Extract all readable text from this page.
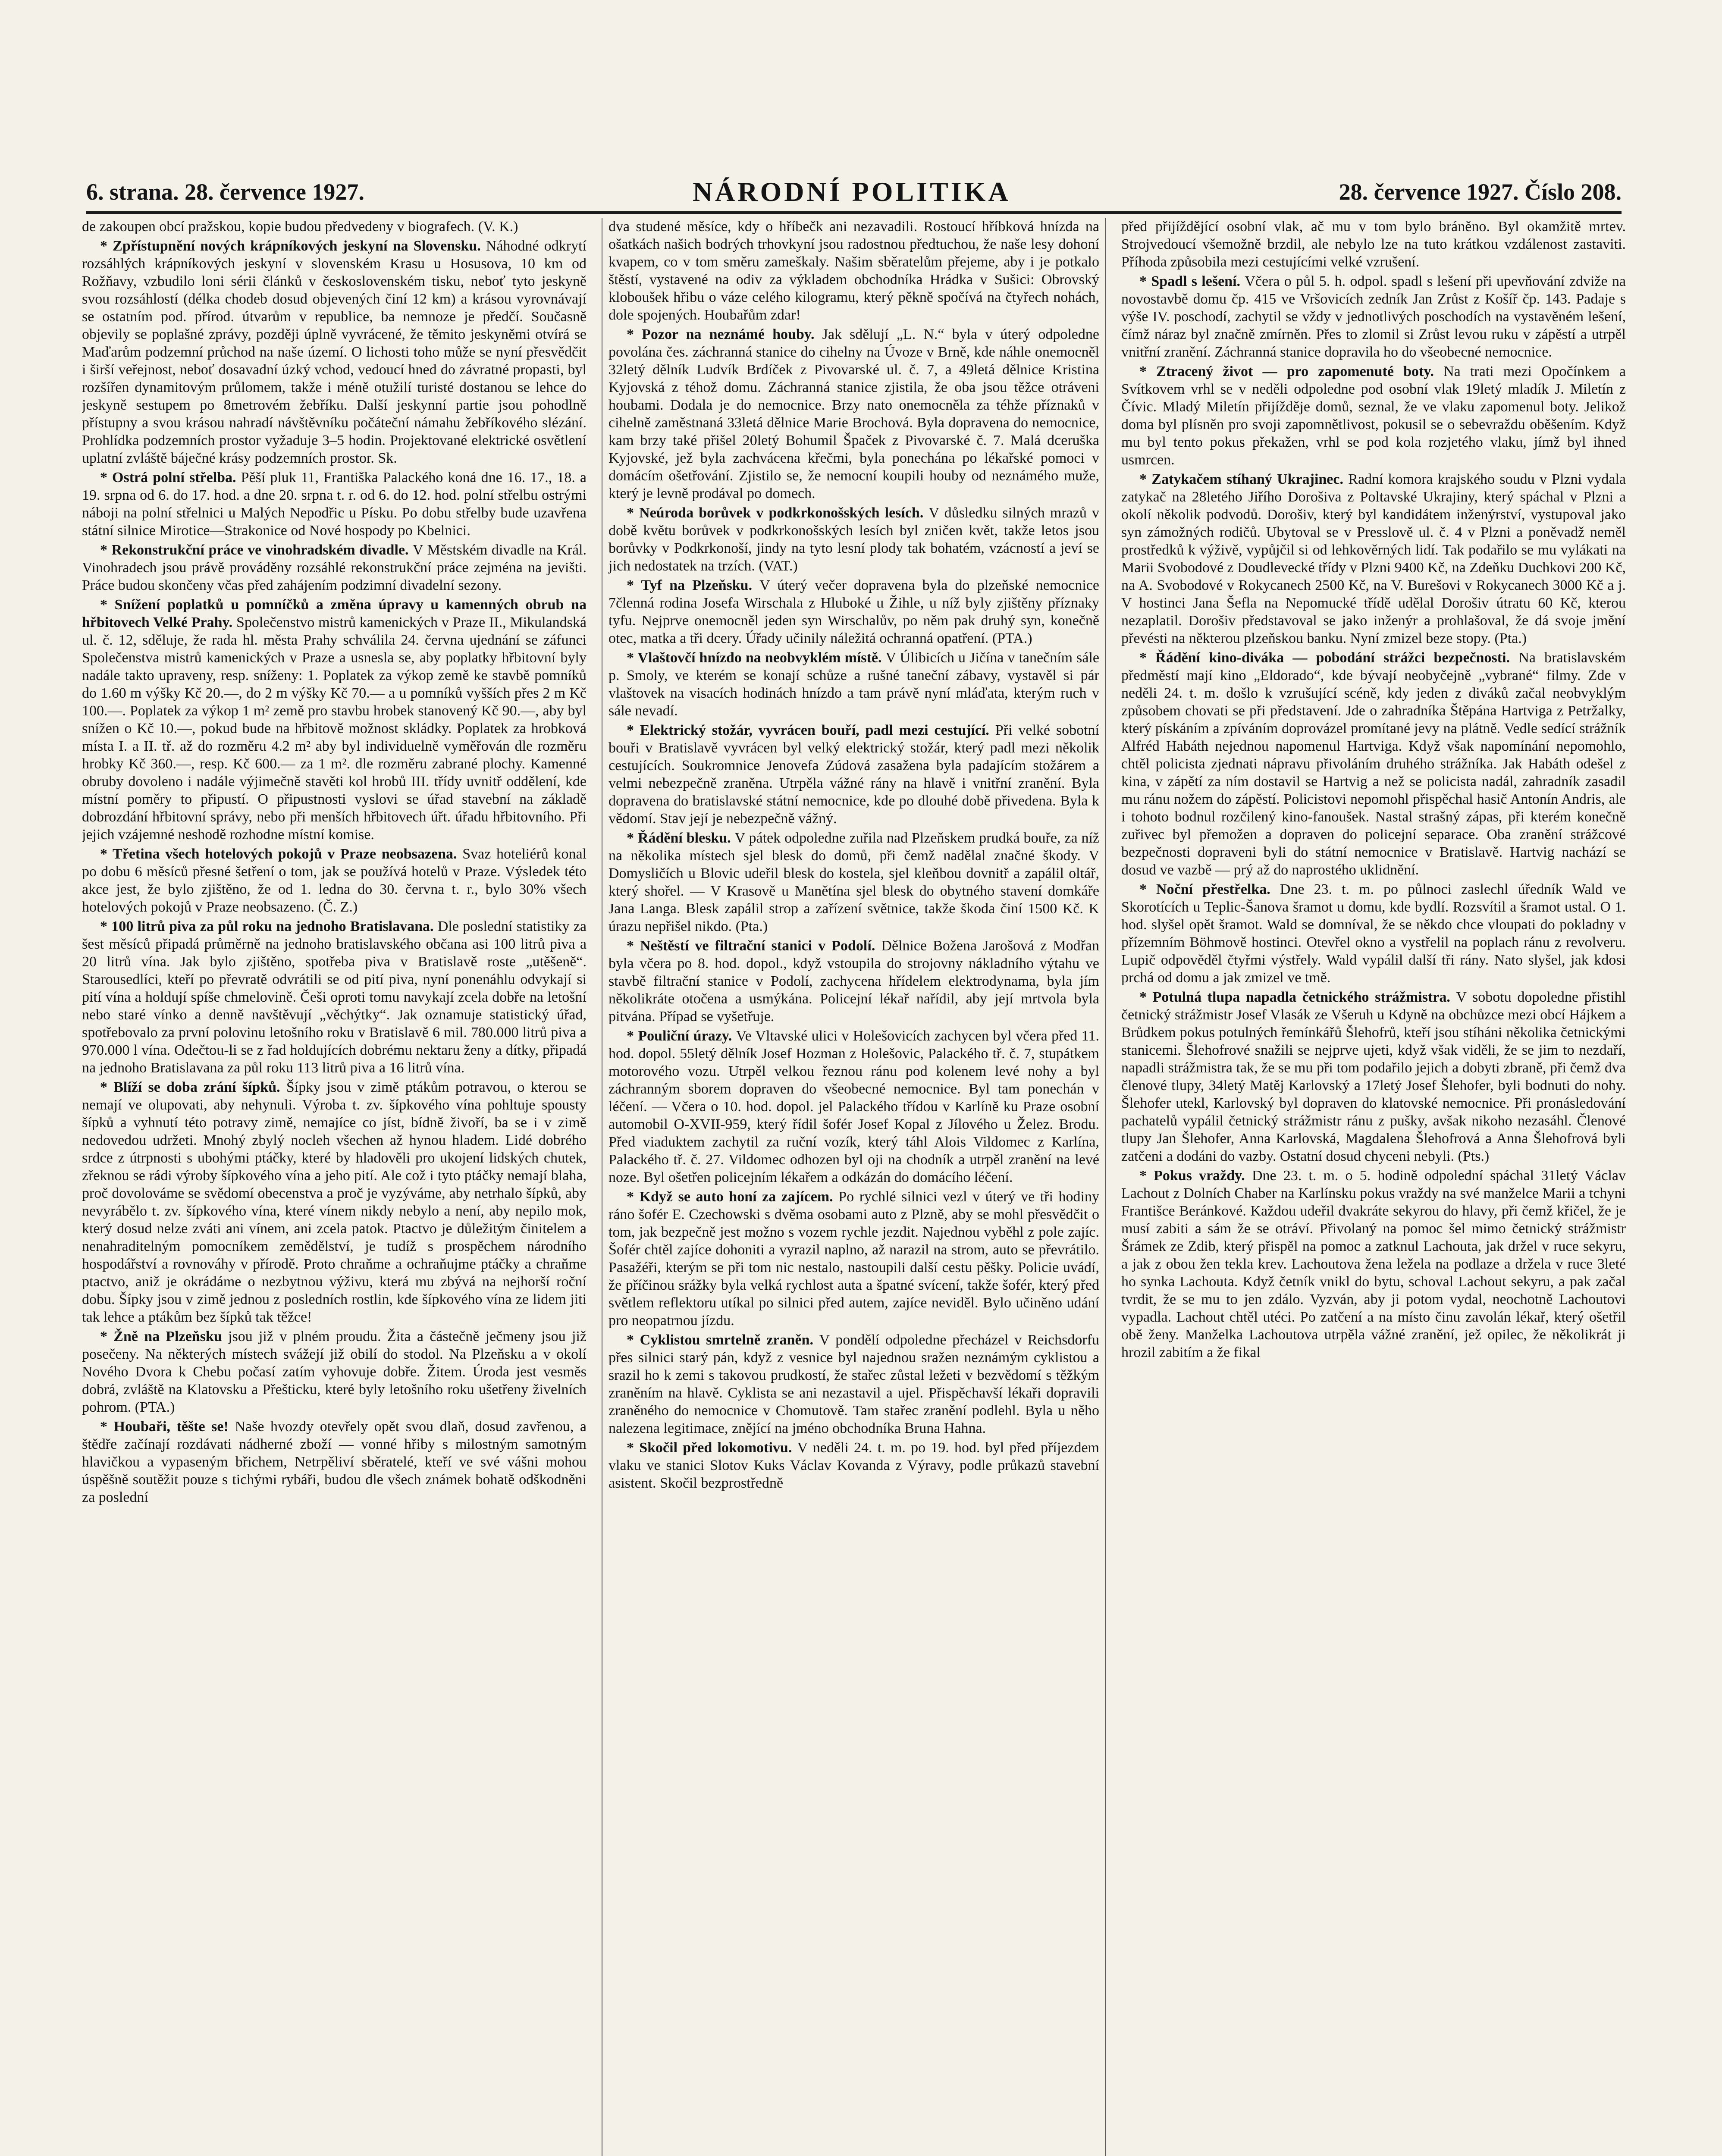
6. strana. 28. července 1927.	NÁRODNÍ POLITIKA	28. července 1927. Číslo 208.

de zakoupen obcí pražskou, kopie budou předvedeny v biografech. (V. K.)

* Zpřístupnění nových krápníkových jeskyní na Slovensku. Náhodné odkrytí rozsáhlých krápníkových jeskyní v slovenském Krasu u Hosusova, 10 km od Rožňavy, vzbudilo loni sérii článků v československém tisku, neboť tyto jeskyně svou rozsáhlostí (délka chodeb dosud objevených činí 12 km) a krásou vyrovnávají se ostatním pod. přírod. útvarům v republice, ba nemnoze je předčí. Současně objevily se poplašné zprávy, později úplně vyvrácené, že těmito jeskyněmi otvírá se Maďarům podzemní průchod na naše území. O lichosti toho může se nyní přesvědčit i širší veřejnost, neboť dosavadní úzký vchod, vedoucí hned do závratné propasti, byl rozšířen dynamitovým průlomem, takže i méně otužilí turisté dostanou se lehce do jeskyně sestupem po 8metrovém žebříku. Další jeskynní partie jsou pohodlně přístupny a svou krásou nahradí návštěvníku počáteční námahu žebříkového slézání. Prohlídka podzemních prostor vyžaduje 3–5 hodin. Projektované elektrické osvětlení uplatní zvláště báječné krásy podzemních prostor. Sk.

* Ostrá polní střelba. Pěší pluk 11, Františka Palackého koná dne 16. 17., 18. a 19. srpna od 6. do 17. hod. a dne 20. srpna t. r. od 6. do 12. hod. polní střelbu ostrými náboji na polní střelnici u Malých Nepodřic u Písku. Po dobu střelby bude uzavřena státní silnice Mirotice—Strakonice od Nové hospody po Kbelnici.

* Rekonstrukční práce ve vinohradském divadle. V Městském divadle na Král. Vinohradech jsou právě prováděny rozsáhlé rekonstrukční práce zejména na jevišti. Práce budou skončeny včas před zahájením podzimní divadelní sezony.

* Snížení poplatků u pomníčků a změna úpravy u kamenných obrub na hřbitovech Velké Prahy. Společenstvo mistrů kamenických v Praze II., Mikulandská ul. č. 12, sděluje, že rada hl. města Prahy schválila 24. června ujednání se záfunci Společenstva mistrů kamenických v Praze a usnesla se, aby poplatky hřbitovní byly nadále takto upraveny, resp. sníženy: 1. Poplatek za výkop země ke stavbě pomníků do 1.60 m výšky Kč 20.—, do 2 m výšky Kč 70.— a u pomníků vyšších přes 2 m Kč 100.—. Poplatek za výkop 1 m² země pro stavbu hrobek stanovený Kč 90.—, aby byl snížen o Kč 10.—, pokud bude na hřbitově možnost skládky. Poplatek za hrobková místa I. a II. tř. až do rozměru 4.2 m² aby byl individuelně vyměřován dle rozměru hrobky Kč 360.—, resp. Kč 600.— za 1 m². dle rozměru zabrané plochy. Kamenné obruby dovoleno i nadále výjimečně stavěti kol hrobů III. třídy uvnitř oddělení, kde místní poměry to připustí. O připustnosti vyslovi se úřad stavební na základě dobrozdání hřbitovní správy, nebo při menších hřbitovech úřt. úřadu hřbitovního. Při jejich vzájemné neshodě rozhodne místní komise.

* Třetina všech hotelových pokojů v Praze neobsazena. Svaz hoteliérů konal po dobu 6 měsíců přesné šetření o tom, jak se používá hotelů v Praze. Výsledek této akce jest, že bylo zjištěno, že od 1. ledna do 30. června t. r., bylo 30% všech hotelových pokojů v Praze neobsazeno. (Č. Z.)

* 100 litrů piva za půl roku na jednoho Bratislavana. Dle poslední statistiky za šest měsíců připadá průměrně na jednoho bratislavského občana asi 100 litrů piva a 20 litrů vína. Jak bylo zjištěno, spotřeba piva v Bratislavě roste „utěšeně“. Starousedlíci, kteří po převratě odvrátili se od pití piva, nyní ponenáhlu odvykají si pití vína a holdují spíše chmelovině. Češi oproti tomu navykají zcela dobře na letošní nebo staré vínko a denně navštěvují „věchýtky“. Jak oznamuje statistický úřad, spotřebovalo za první polovinu letošního roku v Bratislavě 6 mil. 780.000 litrů piva a 970.000 l vína. Odečtou-li se z řad holdujících dobrému nektaru ženy a dítky, připadá na jednoho Bratislavana za půl roku 113 litrů piva a 16 litrů vína.

* Blíží se doba zrání šípků. Šípky jsou v zimě ptákům potravou, o kterou se nemají ve olupovati, aby nehynuli. Výroba t. zv. šípkového vína pohltuje spousty šípků a vyhnutí této potravy zimě, nemajíce co jíst, bídně živoří, ba se i v zimě nedovedou udržeti. Mnohý zbylý nocleh všechen až hynou hladem. Lidé dobrého srdce z útrpnosti s ubohými ptáčky, které by hladověli pro ukojení lidských chutek, zřeknou se rádi výroby šípkového vína a jeho pití. Ale což i tyto ptáčky nemají blaha, proč dovolováme se svědomí obecenstva a proč je vyzýváme, aby netrhalo šípků, aby nevyrábělo t. zv. šípkového vína, které vínem nikdy nebylo a není, aby nepilo mok, který dosud nelze zváti ani vínem, ani zcela patok. Ptactvo je důležitým činitelem a nenahraditelným pomocníkem zemědělství, je tudíž s prospěchem národního hospodářství a rovnováhy v přírodě. Proto chraňme a ochraňujme ptáčky a chraňme ptactvo, aniž je okrádáme o nezbytnou výživu, která mu zbývá na nejhorší roční dobu. Šípky jsou v zimě jednou z posledních rostlin, kde šípkového vína ze lidem jiti tak lehce a ptákům bez šípků tak těžce!

* Žně na Plzeňsku jsou již v plném proudu. Žita a částečně ječmeny jsou již posečeny. Na některých místech svážejí již obilí do stodol. Na Plzeňsku a v okolí Nového Dvora k Chebu počasí zatím vyhovuje dobře. Žitem. Úroda jest vesměs dobrá, zvláště na Klatovsku a Přešticku, které byly letošního roku ušetřeny živelních pohrom. (PTA.)

* Houbaři, těšte se! Naše hvozdy otevřely opět svou dlaň, dosud zavřenou, a štědře začínají rozdávati nádherné zboží — vonné hřiby s milostným samotným hlavičkou a vypaseným břichem, Netrpěliví sběratelé, kteří ve své vášni mohou úspěšně soutěžit pouze s tichými rybáři, budou dle všech známek bohatě odškodněni za poslední

dva studené měsíce, kdy o hříbečk ani nezavadili. Rostoucí hříbková hnízda na ošatkách našich bodrých trhovkyní jsou radostnou předtuchou, že naše lesy dohoní kvapem, co v tom směru zameškaly. Našim sběratelům přejeme, aby i je potkalo štěstí, vystavené na odiv za výkladem obchodníka Hrádka v Sušici: Obrovský kloboušek hřibu o váze celého kilogramu, který pěkně spočívá na čtyřech nohách, dole spojených. Houbařům zdar!

* Pozor na neznámé houby. Jak sdělují „L. N.“ byla v úterý odpoledne povolána čes. záchranná stanice do cihelny na Úvoze v Brně, kde náhle onemocněl 32letý dělník Ludvík Brdíček z Pivovarské ul. č. 7, a 49letá dělnice Kristina Kyjovská z téhož domu. Záchranná stanice zjistila, že oba jsou těžce otráveni houbami. Dodala je do nemocnice. Brzy nato onemocněla za téhže příznaků v cihelně zaměstnaná 33letá dělnice Marie Brochová. Byla dopravena do nemocnice, kam brzy také přišel 20letý Bohumil Špaček z Pivovarské č. 7. Malá dceruška Kyjovské, jež byla zachvácena křečmi, byla ponechána po lékařské pomoci v domácím ošetřování. Zjistilo se, že nemocní koupili houby od neznámého muže, který je levně prodával po domech.

* Neúroda borůvek v podkrkonošských lesích. V důsledku silných mrazů v době květu borůvek v podkrkonošských lesích byl zničen květ, takže letos jsou borůvky v Podkrkonoší, jindy na tyto lesní plody tak bohatém, vzácností a jeví se jich nedostatek na trzích. (VAT.)

* Tyf na Plzeňsku. V úterý večer dopravena byla do plzeňské nemocnice 7členná rodina Josefa Wirschala z Hluboké u Žihle, u níž byly zjištěny příznaky tyfu. Nejprve onemocněl jeden syn Wirschalův, po něm pak druhý syn, konečně otec, matka a tři dcery. Úřady učinily náležitá ochranná opatření. (PTA.)

* Vlaštovčí hnízdo na neobvyklém místě. V Úlibicích u Jičína v tanečním sále p. Smoly, ve kterém se konají schůze a rušné taneční zábavy, vystavěl si pár vlaštovek na visacích hodinách hnízdo a tam právě nyní mláďata, kterým ruch v sále nevadí.

* Elektrický stožár, vyvrácen bouří, padl mezi cestující. Při velké sobotní bouři v Bratislavě vyvrácen byl velký elektrický stožár, který padl mezi několik cestujících. Soukromnice Jenovefa Zúdová zasažena byla padajícím stožárem a velmi nebezpečně zraněna. Utrpěla vážné rány na hlavě i vnitřní zranění. Byla dopravena do bratislavské státní nemocnice, kde po dlouhé době přivedena. Byla k vědomí. Stav její je nebezpečně vážný.

* Řádění blesku. V pátek odpoledne zuřila nad Plzeňskem prudká bouře, za níž na několika místech sjel blesk do domů, při čemž nadělal značné škody. V Domysličích u Blovic udeřil blesk do kostela, sjel kleňbou dovnitř a zapálil oltář, který shořel. — V Krasově u Manětína sjel blesk do obytného stavení domkáře Jana Langa. Blesk zapálil strop a zařízení světnice, takže škoda činí 1500 Kč. K úrazu nepřišel nikdo. (Pta.)

* Neštěstí ve filtrační stanici v Podolí. Dělnice Božena Jarošová z Modřan byla včera po 8. hod. dopol., když vstoupila do strojovny nákladního výtahu ve stavbě filtrační stanice v Podolí, zachycena hřídelem elektrodynama, byla jím několikráte otočena a usmýkána. Policejní lékař nařídil, aby její mrtvola byla pitvána. Případ se vyšetřuje.

* Pouliční úrazy. Ve Vltavské ulici v Holešovicích zachycen byl včera před 11. hod. dopol. 55letý dělník Josef Hozman z Holešovic, Palackého tř. č. 7, stupátkem motorového vozu. Utrpěl velkou řeznou ránu pod kolenem levé nohy a byl záchranným sborem dopraven do všeobecné nemocnice. Byl tam ponechán v léčení. — Včera o 10. hod. dopol. jel Palackého třídou v Karlíně ku Praze osobní automobil O-XVII-959, který řídil šofér Josef Kopal z Jílového u Želez. Brodu. Před viaduktem zachytil za ruční vozík, který táhl Alois Vildomec z Karlína, Palackého tř. č. 27. Vildomec odhozen byl oji na chodník a utrpěl zranění na levé noze. Byl ošetřen policejním lékařem a odkázán do domácího léčení.

* Když se auto honí za zajícem. Po rychlé silnici vezl v úterý ve tři hodiny ráno šofér E. Czechowski s dvěma osobami auto z Plzně, aby se mohl přesvědčit o tom, jak bezpečně jest možno s vozem rychle jezdit. Najednou vyběhl z pole zajíc. Šofér chtěl zajíce dohoniti a vyrazil naplno, až narazil na strom, auto se převrátilo. Pasažéři, kterým se při tom nic nestalo, nastoupili další cestu pěšky. Policie uvádí, že příčinou srážky byla velká rychlost auta a špatné svícení, takže šofér, který před světlem reflektoru utíkal po silnici před autem, zajíce neviděl. Bylo učiněno udání pro neopatrnou jízdu.

* Cyklistou smrtelně zraněn. V pondělí odpoledne přecházel v Reichsdorfu přes silnici starý pán, když z vesnice byl najednou sražen neznámým cyklistou a srazil ho k zemi s takovou prudkostí, že stařec zůstal ležeti v bezvědomí s těžkým zraněním na hlavě. Cyklista se ani nezastavil a ujel. Přispěchavší lékaři dopravili zraněného do nemocnice v Chomutově. Tam stařec zranění podlehl. Byla u něho nalezena legitimace, znějící na jméno obchodníka Bruna Hahna.

* Skočil před lokomotivu. V neděli 24. t. m. po 19. hod. byl před příjezdem vlaku ve stanici Slotov Kuks Václav Kovanda z Výravy, podle průkazů stavební asistent. Skočil bezprostředně

před přijíždějící osobní vlak, ač mu v tom bylo bráněno. Byl okamžitě mrtev. Strojvedoucí všemožně brzdil, ale nebylo lze na tuto krátkou vzdálenost zastaviti. Příhoda způsobila mezi cestujícími velké vzrušení.

* Spadl s lešení. Včera o půl 5. h. odpol. spadl s lešení při upevňování zdviže na novostavbě domu čp. 415 ve Vršovicích zedník Jan Zrůst z Košíř čp. 143. Padaje s výše IV. poschodí, zachytil se vždy v jednotlivých poschodích na vystavěném lešení, čímž náraz byl značně zmírněn. Přes to zlomil si Zrůst levou ruku v zápěstí a utrpěl vnitřní zranění. Záchranná stanice dopravila ho do všeobecné nemocnice.

* Ztracený život — pro zapomenuté boty. Na trati mezi Opočínkem a Svítkovem vrhl se v neděli odpoledne pod osobní vlak 19letý mladík J. Miletín z Čívic. Mladý Miletín přijížděje domů, seznal, že ve vlaku zapomenul boty. Jelikož doma byl plísněn pro svoji zapomnětlivost, pokusil se o sebevraždu oběšením. Když mu byl tento pokus překažen, vrhl se pod kola rozjetého vlaku, jímž byl ihned usmrcen.

* Zatykačem stíhaný Ukrajinec. Radní komora krajského soudu v Plzni vydala zatykač na 28letého Jiřího Dorošiva z Poltavské Ukrajiny, který spáchal v Plzni a okolí několik podvodů. Dorošiv, který byl kandidátem inženýrství, vystupoval jako syn zámožných rodičů. Ubytoval se v Presslově ul. č. 4 v Plzni a poněvadž neměl prostředků k výživě, vypůjčil si od lehkověrných lidí. Tak podařilo se mu vylákati na Marii Svobodové z Doudlevecké třídy v Plzni 9400 Kč, na Zdeňku Duchkovi 200 Kč, na A. Svobodové v Rokycanech 2500 Kč, na V. Burešovi v Rokycanech 3000 Kč a j. V hostinci Jana Šefla na Nepomucké třídě udělal Dorošiv útratu 60 Kč, kterou nezaplatil. Dorošiv představoval se jako inženýr a prohlašoval, že dá svoje jmění převésti na některou plzeňskou banku. Nyní zmizel beze stopy. (Pta.)

* Řádění kino-diváka — pobodání strážci bezpečnosti. Na bratislavském předměstí mají kino „Eldorado“, kde bývají neobyčejně „vybrané“ filmy. Zde v neděli 24. t. m. došlo k vzrušující scéně, kdy jeden z diváků začal neobvyklým způsobem chovati se při představení. Jde o zahradníka Štěpána Hartviga z Petržalky, který pískáním a zpíváním doprovázel promítané jevy na plátně. Vedle sedící strážník Alfréd Habáth nejednou napomenul Hartviga. Když však napomínání nepomohlo, chtěl policista zjednati nápravu přivoláním druhého strážníka. Jak Habáth odešel z kina, v zápětí za ním dostavil se Hartvig a než se policista nadál, zahradník zasadil mu ránu nožem do zápěstí. Policistovi nepomohl přispěchal hasič Antonín Andris, ale i tohoto bodnul rozčilený kino-fanoušek. Nastal strašný zápas, při kterém konečně zuřivec byl přemožen a dopraven do policejní separace. Oba zranění strážcové bezpečnosti dopraveni byli do státní nemocnice v Bratislavě. Hartvig nachází se dosud ve vazbě — prý až do naprostého uklidnění.

* Noční přestřelka. Dne 23. t. m. po půlnoci zaslechl úředník Wald ve Skorotících u Teplic-Šanova šramot u domu, kde bydlí. Rozsvítil a šramot ustal. O 1. hod. slyšel opět šramot. Wald se domníval, že se někdo chce vloupati do pokladny v přízemním Böhmově hostinci. Otevřel okno a vystřelil na poplach ránu z revolveru. Lupič odpověděl čtyřmi výstřely. Wald vypálil další tři rány. Nato slyšel, jak kdosi prchá od domu a jak zmizel ve tmě.

* Potulná tlupa napadla četnického strážmistra. V sobotu dopoledne přistihl četnický strážmistr Josef Vlasák ze Všeruh u Kdyně na obchůzce mezi obcí Hájkem a Brůdkem pokus potulných řemínkářů Šlehofrů, kteří jsou stíháni několika četnickými stanicemi. Šlehofrové snažili se nejprve ujeti, když však viděli, že se jim to nezdaří, napadli strážmistra tak, že se mu při tom podařilo jejich a dobyti zbraně, při čemž dva členové tlupy, 34letý Matěj Karlovský a 17letý Josef Šlehofer, byli bodnuti do nohy. Šlehofer utekl, Karlovský byl dopraven do klatovské nemocnice. Při pronásledování pachatelů vypálil četnický strážmistr ránu z pušky, avšak nikoho nezasáhl. Členové tlupy Jan Šlehofer, Anna Karlovská, Magdalena Šlehofrová a Anna Šlehofrová byli zatčeni a dodáni do vazby. Ostatní dosud chyceni nebyli. (Pts.)

* Pokus vraždy. Dne 23. t. m. o 5. hodině odpolední spáchal 31letý Václav Lachout z Dolních Chaber na Karlínsku pokus vraždy na své manželce Marii a tchyni Františce Beránkové. Každou udeřil dvakráte sekyrou do hlavy, při čemž křičel, že je musí zabiti a sám že se otráví. Přivolaný na pomoc šel mimo četnický strážmistr Šrámek ze Zdib, který přispěl na pomoc a zatknul Lachouta, jak držel v ruce sekyru, a jak z obou žen tekla krev. Lachoutova žena ležela na podlaze a držela v ruce 3leté ho synka Lachouta. Když četník vnikl do bytu, schoval Lachout sekyru, a pak začal tvrdit, že se mu to jen zdálo. Vyzván, aby ji potom vydal, neochotně Lachoutovi vypadla. Lachout chtěl utéci. Po zatčení a na místo činu zavolán lékař, který ošetřil obě ženy. Manželka Lachoutova utrpěla vážné zranění, jež opilec, že několikrát ji hrozil zabitím a že fikal
